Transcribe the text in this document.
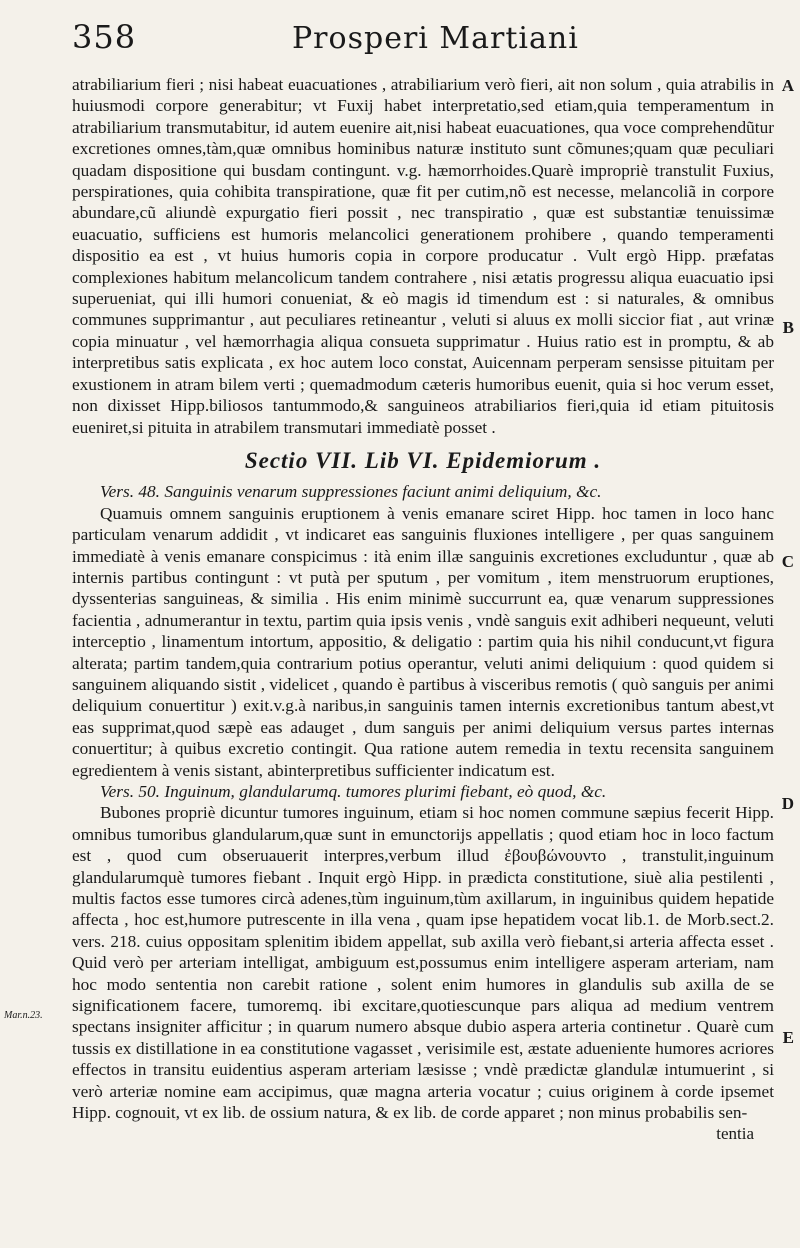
358	Prosperi Martiani

atrabiliarium fieri ; nisi habeat euacuationes , atrabiliarium verò fieri, ait non solum , quia atrabilis in huiusmodi corpore generabitur; vt Fuxij habet interpretatio,sed etiam,quia temperamentum in atrabiliarium transmutabitur, id autem euenire ait,nisi habeat euacuationes, qua voce comprehendũtur excretiones omnes,tàm,quæ omnibus hominibus naturæ instituto sunt cõmunes;quam quæ peculiari quadam dispositione qui busdam contingunt. v.g. hæmorrhoides.Quarè impropriè transtulit Fuxius, perspirationes, quia cohibita transpiratione, quæ fit per cutim,nõ est necesse, melancoliã in corpore abundare,cũ aliundè expurgatio fieri possit , nec transpiratio , quæ est substantiæ tenuissimæ euacuatio, sufficiens est humoris melancolici generationem prohibere , quando temperamenti dispositio ea est , vt huius humoris copia in corpore producatur . Vult ergò Hipp. præfatas complexiones habitum melancolicum tandem contrahere , nisi ætatis progressu aliqua euacuatio ipsi superueniat, qui illi humori conueniat, & eò magis id timendum est : si naturales, & omnibus communes supprimantur , aut peculiares retineantur , veluti si aluus ex molli siccior fiat , aut vrinæ copia minuatur , vel hæmorrhagia aliqua consueta supprimatur . Huius ratio est in promptu, & ab interpretibus satis explicata , ex hoc autem loco constat, Auicennam perperam sensisse pituitam per exustionem in atram bilem verti ; quemadmodum cæteris humoribus euenit, quia si hoc verum esset, non dixisset Hipp.biliosos tantummodo,& sanguineos atrabiliarios fieri,quia id etiam pituitosis eueniret,si pituita in atrabilem transmutari immediatè posset .

Sectio VII. Lib VI. Epidemiorum .

Vers. 48. Sanguinis venarum suppressiones faciunt animi deliquium, &c.

Quamuis omnem sanguinis eruptionem à venis emanare sciret Hipp. hoc tamen in loco hanc particulam venarum addidit , vt indicaret eas sanguinis fluxiones intelligere , per quas sanguinem immediatè à venis emanare conspicimus : ità enim illæ sanguinis excretiones excluduntur , quæ ab internis partibus contingunt : vt putà per sputum , per vomitum , item menstruorum eruptiones, dyssenterias sanguineas, & similia . His enim minimè succurrunt ea, quæ venarum suppressiones facientia , adnumerantur in textu, partim quia ipsis venis , vndè sanguis exit adhiberi nequeunt, veluti interceptio , linamentum intortum, appositio, & deligatio : partim quia his nihil conducunt,vt figura alterata; partim tandem,quia contrarium potius operantur, veluti animi deliquium : quod quidem si sanguinem aliquando sistit , videlicet , quando è partibus à visceribus remotis ( quò sanguis per animi deliquium conuertitur ) exit.v.g.à naribus,in sanguinis tamen internis excretionibus tantum abest,vt eas supprimat,quod sæpè eas adauget , dum sanguis per animi deliquium versus partes internas conuertitur; à quibus excretio contingit. Qua ratione autem remedia in textu recensita sanguinem egredientem à venis sistant, abinterpretibus sufficienter indicatum est.

Vers. 50. Inguinum, glandularumq. tumores plurimi fiebant, eò quod, &c.

Bubones propriè dicuntur tumores inguinum, etiam si hoc nomen commune sæpius fecerit Hipp. omnibus tumoribus glandularum,quæ sunt in emunctorijs appellatis ; quod etiam hoc in loco factum est , quod cum obseruauerit interpres,verbum illud ἐβουβώνουντο , transtulit,inguinum glandularumquè tumores fiebant . Inquit ergò Hipp. in prædicta constitutione, siuè alia pestilenti , multis factos esse tumores circà adenes,tùm inguinum,tùm axillarum, in inguinibus quidem hepatide affecta , hoc est,humore putrescente in illa vena , quam ipse hepatidem vocat lib.1. de Morb.sect.2. vers. 218. cuius oppositam splenitim ibidem appellat, sub axilla verò fiebant,si arteria affecta esset . Quid verò per arteriam intelligat, ambiguum est,possumus enim intelligere asperam arteriam, nam hoc modo sententia non carebit ratione , solent enim humores in glandulis sub axilla de se significationem facere, tumoremq. ibi excitare,quotiescunque pars aliqua ad medium ventrem spectans insigniter afficitur ; in quarum numero absque dubio aspera arteria continetur . Quarè cum tussis ex distillatione in ea constitutione vagasset , verisimile est, æstate adueniente humores acriores effectos in transitu euidentius asperam arteriam læsisse ; vndè prædictæ glandulæ intumuerint , si verò arteriæ nomine eam accipimus, quæ magna arteria vocatur ; cuius originem à corde ipsemet Hipp. cognouit, vt ex lib. de ossium natura, & ex lib. de corde apparet ; non minus probabilis sen-

tentia
A
B
C
D
E
Mar.n.23.
